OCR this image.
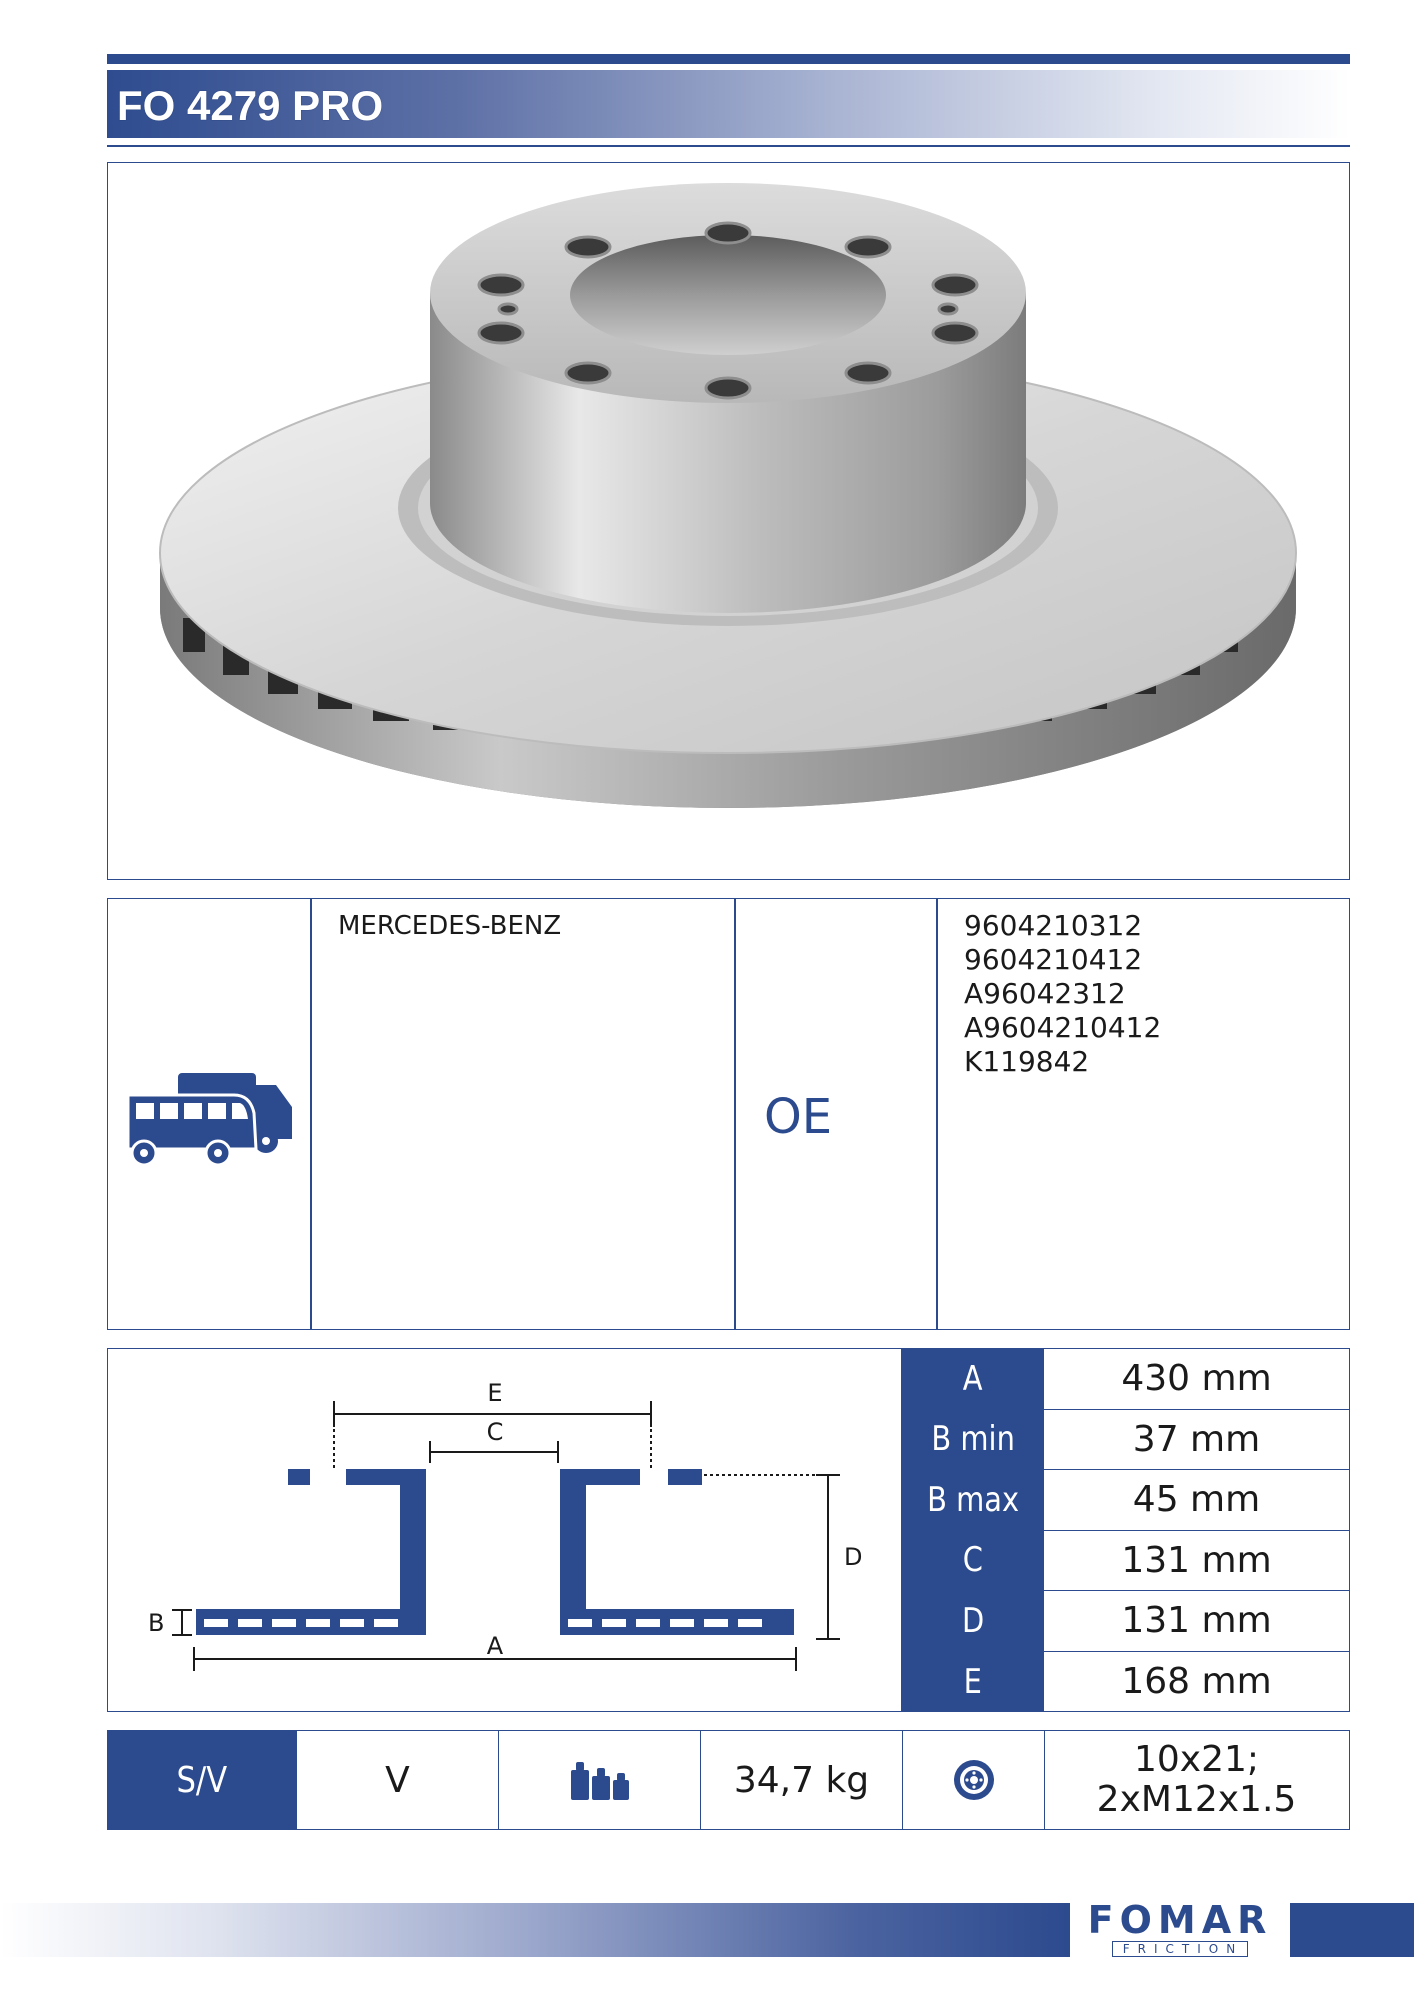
FO 4279 PRO
MERCEDES-BENZ
OE
9604210312
9604210412
A96042312
A9604210412
K119842
E
C
D
A
B
A	430 mm
B min	37 mm
B max	45 mm
C	131 mm
D	131 mm
E	168 mm
S/V	V	34,7 kg	10x21;
2xM12x1.5
FOMAR
FRICTION
